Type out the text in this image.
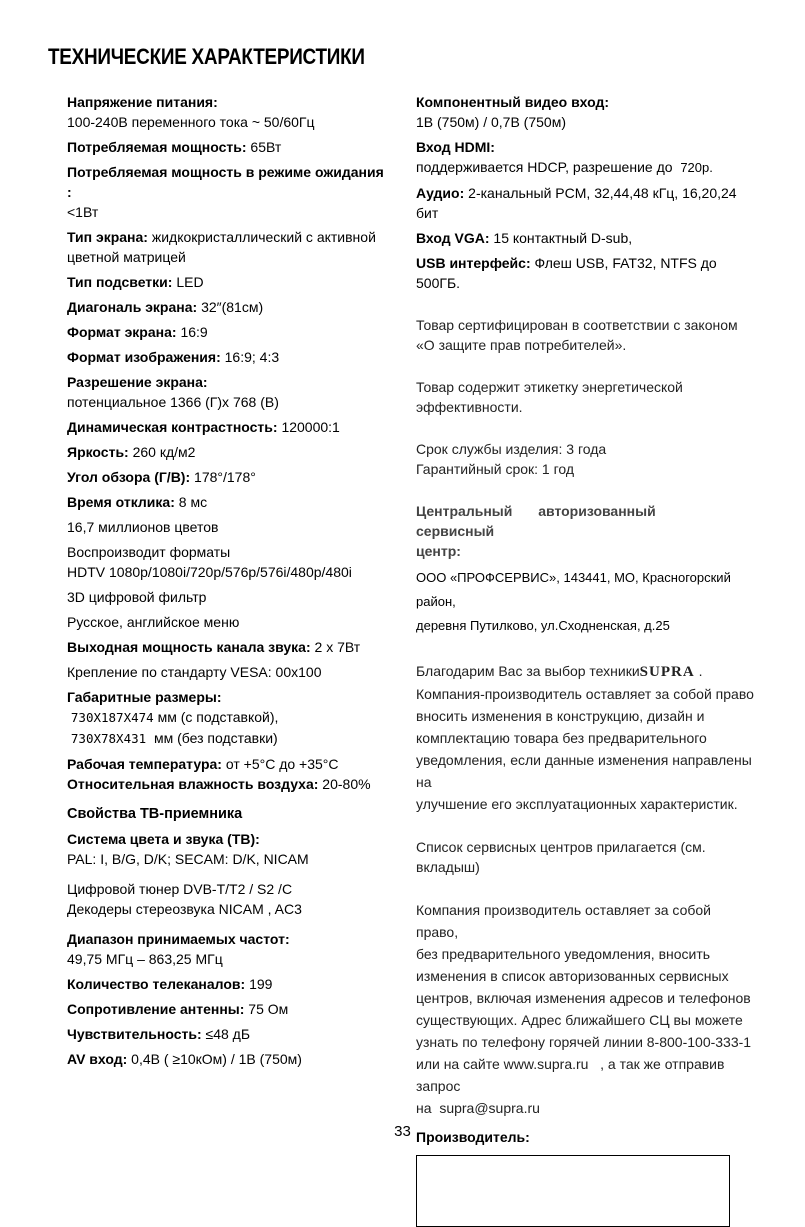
ТЕХНИЧЕСКИЕ ХАРАКТЕРИСТИКИ
Напряжение питания:
100-240В переменного тока ~ 50/60Гц
Потребляемая мощность: 65Вт
Потребляемая мощность в режиме ожидания :
<1Вт
Тип экрана: жидкокристаллический с активной цветной матрицей
Тип подсветки: LED
Диагональ экрана: 32″(81см)
Формат экрана: 16:9
Формат изображения: 16:9; 4:3
Разрешение экрана:
потенциальное 1366 (Г)х 768 (В)
Динамическая контрастность: 120000:1
Яркость: 260 кд/м2
Угол обзора (Г/В): 178°/178°
Время отклика: 8 мс
16,7 миллионов цветов
Воспроизводит форматы
HDTV 1080p/1080i/720p/576p/576i/480p/480i
3D цифровой фильтр
Русское, английское меню
Выходная мощность канала звука: 2 х 7Вт
Крепление по стандарту VESA: 00х100
Габаритные размеры:
730X187X474 мм (с подставкой),
730X78X431 мм (без подставки)
Рабочая температура: от +5°С до +35°С
Относительная влажность воздуха: 20-80%
Свойства ТВ-приемника
Система цвета и звука (ТВ):
PAL: I, B/G, D/K; SECAM: D/K, NICAM
Цифровой тюнер DVB-T/T2 / S2 /C
Декодеры стереозвука NICAM , AC3
Диапазон принимаемых частот:
49,75 МГц – 863,25 МГц
Количество телеканалов: 199
Сопротивление антенны: 75 Ом
Чувствительность: ≤48 дБ
AV вход: 0,4В ( ≥10кОм) / 1В (750м)
Компонентный видео вход:
1В (750м) / 0,7В (750м)
Вход HDMI:
поддерживается HDCP, разрешение до 720p.
Аудио: 2-канальный PCM, 32,44,48 кГц, 16,20,24 бит
Вход VGA: 15 контактный D-sub,
USB интерфейс: Флеш USB, FAT32, NTFS до 500ГБ.
Товар сертифицирован в соответствии с законом
«О защите прав потребителей».
Товар содержит этикетку энергетической эффективности.
Срок службы изделия: 3 года
Гарантийный срок: 1 год
Центральный авторизованный сервисный
центр:
ООО «ПРОФСЕРВИС», 143441, МО, Красногорский район,
деревня Путилково, ул.Сходненская, д.25
Благодарим Вас за выбор техникиSUPRA .
Компания-производитель оставляет за собой право
вносить изменения в конструкцию, дизайн и
комплектацию товара без предварительного
уведомления, если данные изменения направлены на
улучшение его эксплуатационных характеристик.
Список сервисных центров прилагается (см. вкладыш)
Компания производитель оставляет за собой право,
без предварительного уведомления, вносить
изменения в список авторизованных сервисных
центров, включая изменения адресов и телефонов
существующих. Адрес ближайшего СЦ вы можете
узнать по телефону горячей линии 8-800-100-333-1
или на сайте www.supra.ru , а так же отправив запрос
на supra@supra.ru
Производитель:
33
